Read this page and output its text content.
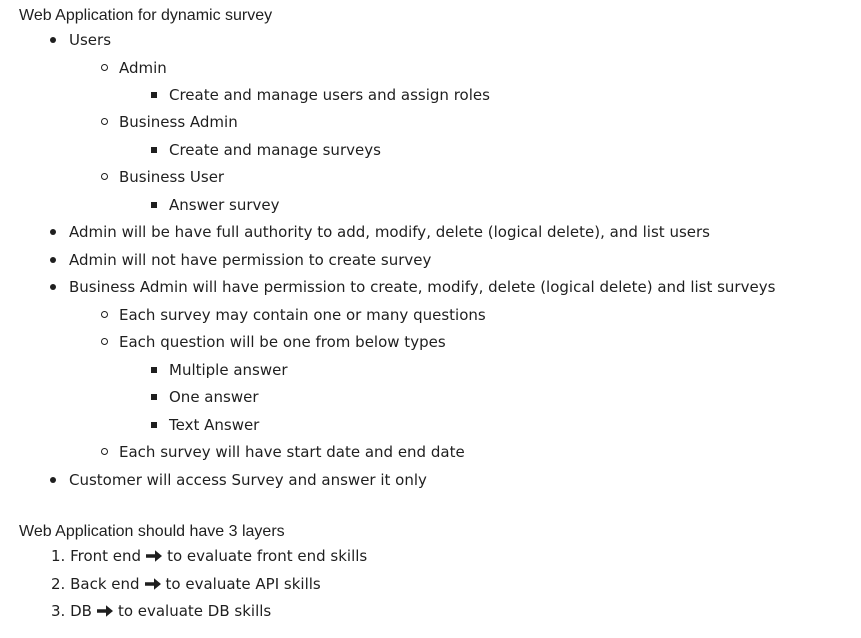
Web Application for dynamic survey
Users
Admin
Create and manage users and assign roles
Business Admin
Create and manage surveys
Business User
Answer survey
Admin will be have full authority to add, modify, delete (logical delete), and list users
Admin will not have permission to create survey
Business Admin will have permission to create, modify, delete (logical delete) and list surveys
Each survey may contain one or many questions
Each question will be one from below types
Multiple answer
One answer
Text Answer
Each survey will have start date and end date
Customer will access Survey and answer it only
Web Application should have 3 layers
1. Front end to evaluate front end skills
2. Back end to evaluate API skills
3. DB to evaluate DB skills
